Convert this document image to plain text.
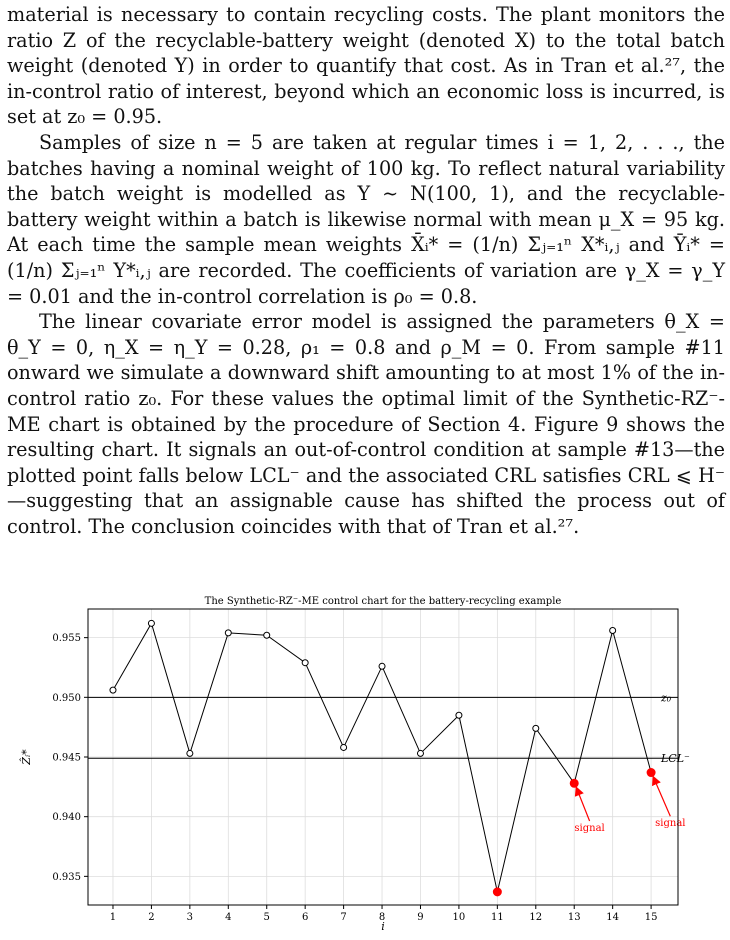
material is necessary to contain recycling costs. The plant monitors the ratio Z of the recyclable-battery weight (denoted X) to the total batch weight (denoted Y) in order to quantify that cost. As in Tran et al.²⁷, the in-control ratio of interest, beyond which an economic loss is incurred, is set at z₀ = 0.95.

Samples of size n = 5 are taken at regular times i = 1, 2, . . ., the batches having a nominal weight of 100 kg. To reflect natural variability the batch weight is modelled as Y ∼ N(100, 1), and the recyclable-battery weight within a batch is likewise normal with mean μ_X = 95 kg. At each time the sample mean weights X̄ᵢ* = (1/n) Σⱼ₌₁ⁿ X*ᵢ,ⱼ and Ȳᵢ* = (1/n) Σⱼ₌₁ⁿ Y*ᵢ,ⱼ are recorded. The coefficients of variation are γ_X = γ_Y = 0.01 and the in-control correlation is ρ₀ = 0.8.

The linear covariate error model is assigned the parameters θ_X = θ_Y = 0, η_X = η_Y = 0.28, ρ₁ = 0.8 and ρ_M = 0. From sample #11 onward we simulate a downward shift amounting to at most 1% of the in-control ratio z₀. For these values the optimal limit of the Synthetic-RZ⁻-ME chart is obtained by the procedure of Section 4. Figure 9 shows the resulting chart. It signals an out-of-control condition at sample #13—the plotted point falls below LCL⁻ and the associated CRL satisfies CRL ⩽ H⁻—suggesting that an assignable cause has shifted the process out of control. The conclusion coincides with that of Tran et al.²⁷.

The Synthetic-RZ⁻-ME control chart for the battery-recycling example
z₀
LCL⁻
signal	signal
0.935
0.940
0.945
0.950
0.955
1	2	3	4	5	6	7	8	9	10	11	12	13	14	15
i
Ẑᵢ*
